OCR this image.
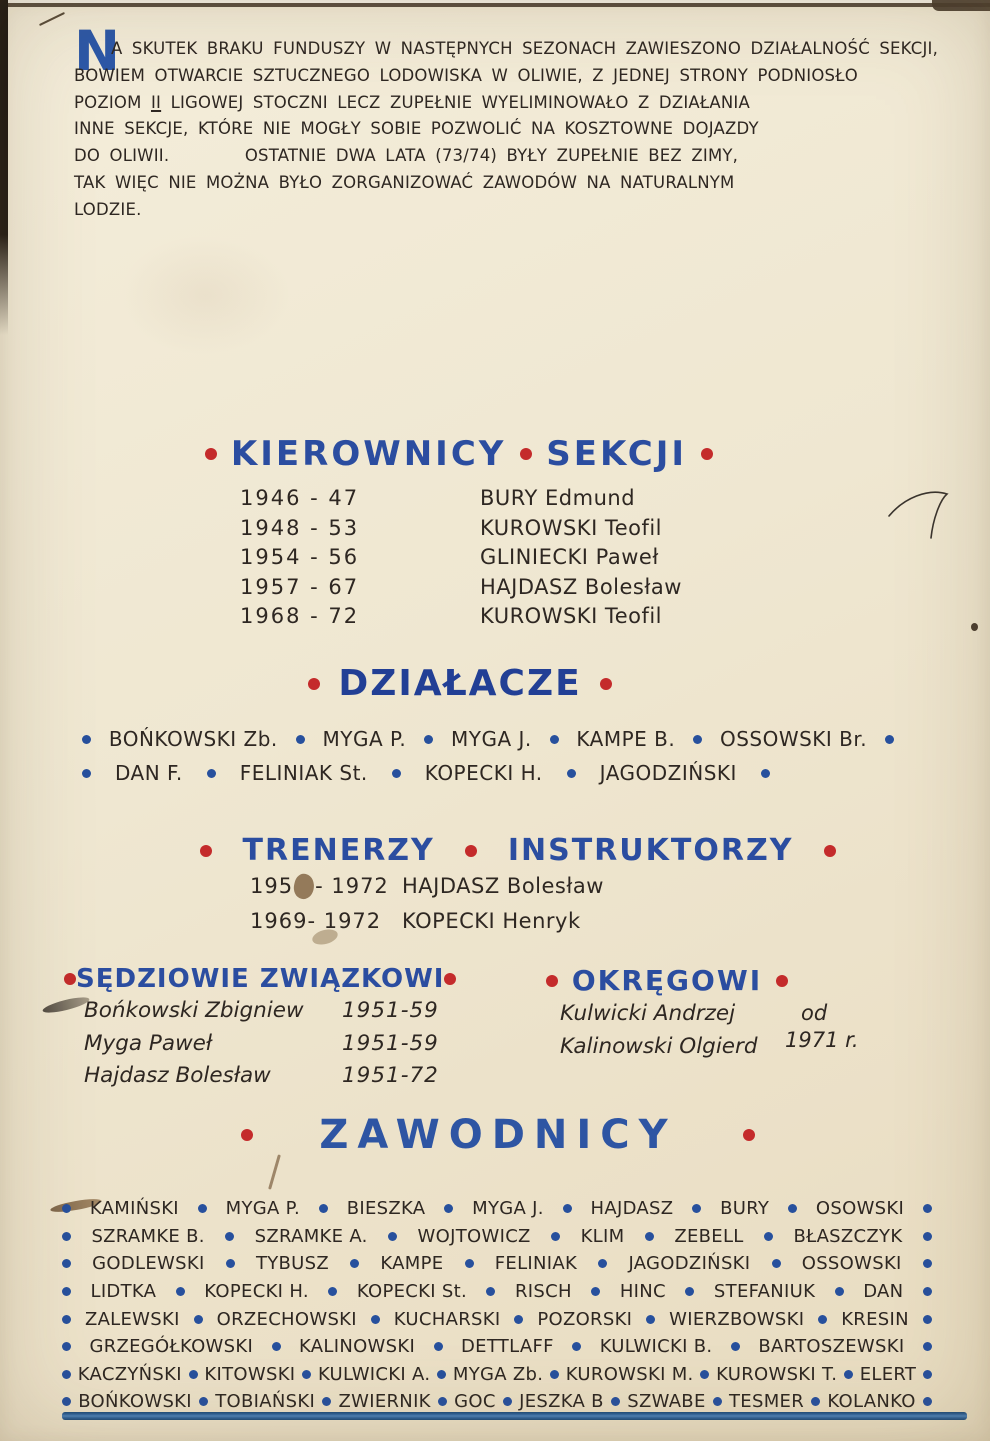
N
A SKUTEK BRAKU FUNDUSZY W NASTĘPNYCH SEZONACH ZAWIESZONO DZIAŁALNOŚĆ SEKCJI,
BOWIEM OTWARCIE SZTUCZNEGO LODOWISKA W OLIWIE, Z JEDNEJ STRONY PODNIOSŁO
POZIOM II LIGOWEJ STOCZNI LECZ ZUPEŁNIE WYELIMINOWAŁO Z DZIAŁANIA
INNE SEKCJE, KTÓRE NIE MOGŁY SOBIE POZWOLIĆ NA KOSZTOWNE DOJAZDY
DO OLIWII.        OSTATNIE DWA LATA (73/74) BYŁY ZUPEŁNIE BEZ ZIMY,
TAK WIĘC NIE MOŻNA BYŁO ZORGANIZOWAĆ ZAWODÓW NA NATURALNYM
LODZIE.
KIEROWNICY SEKCJI
1946 - 47	BURY Edmund
1948 - 53	KUROWSKI Teofil
1954 - 56	GLINIECKI Paweł
1957 - 67	HAJDASZ Bolesław
1968 - 72	KUROWSKI Teofil
DZIAŁACZE
BOŃKOWSKI Zb. MYGA P. MYGA J. KAMPE B. OSSOWSKI Br.
DAN F.	FELINIAK St.	KOPECKI H.	JAGODZIŃSKI
TRENERZY INSTRUKTORZY
195 - 1972 HAJDASZ Bolesław
1969 - 1972 KOPECKI Henryk
SĘDZIOWIE ZWIĄZKOWI
Bońkowski Zbigniew	1951-59
Myga Paweł	1951-59
Hajdasz Bolesław	1951-72
OKRĘGOWI
Kulwicki Andrzej
Kalinowski Olgierd
od
1971 r.
ZAWODNICY
KAMIŃSKI	MYGA P.	BIESZKA	MYGA J.	HAJDASZ	BURY	OSOWSKI
SZRAMKE B.	SZRAMKE A.	WOJTOWICZ	KLIM	ZEBELL	BŁASZCZYK
GODLEWSKI	TYBUSZ	KAMPE	FELINIAK	JAGODZIŃSKI	OSSOWSKI
LIDTKA	KOPECKI H.	KOPECKI St.	RISCH	HINC	STEFANIUK	DAN
ZALEWSKI ORZECHOWSKI KUCHARSKI POZORSKI WIERZBOWSKI KRESIN
GRZEGÓŁKOWSKI	KALINOWSKI	DETTLAFF	KULWICKI B.	BARTOSZEWSKI
KACZYŃSKI KITOWSKI KULWICKI A. MYGA Zb. KUROWSKI M. KUROWSKI T. ELERT
BOŃKOWSKI TOBIAŃSKI ZWIERNIK GOC JESZKA B SZWABE TESMER KOLANKO
